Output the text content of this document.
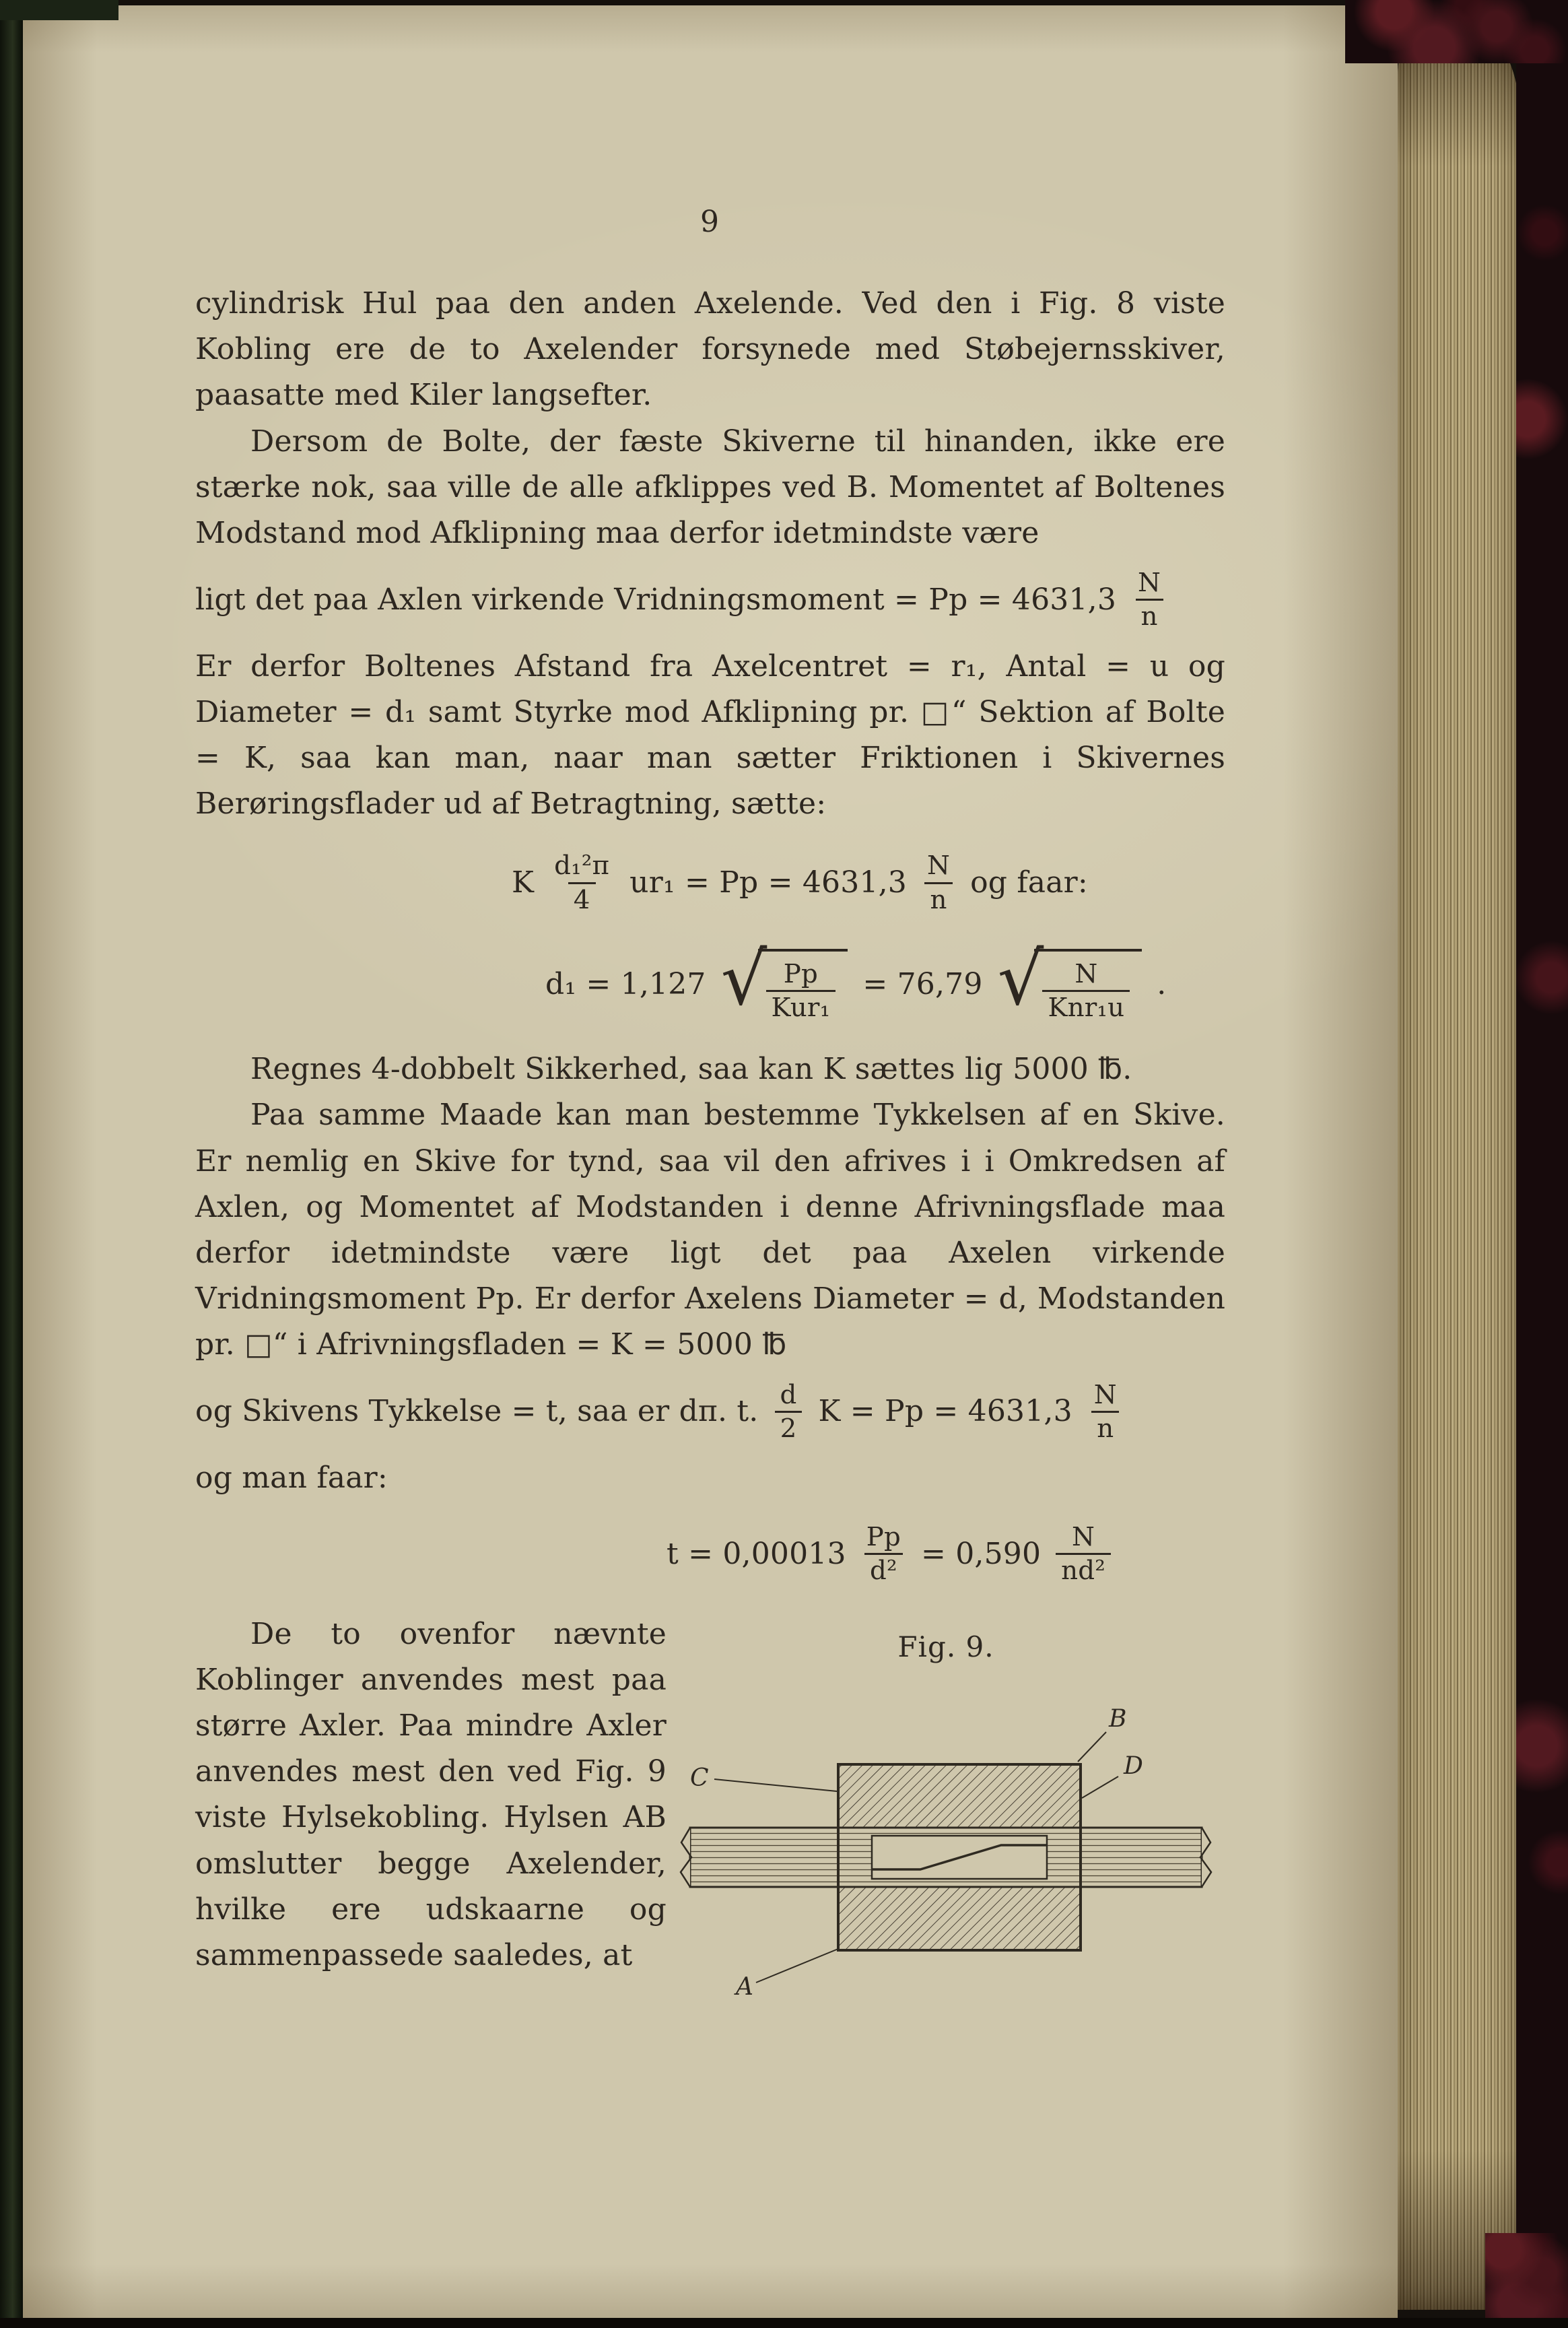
9

cylindrisk Hul paa den anden Axelende. Ved den i Fig. 8 viste Kobling ere de to Axelender forsynede med Støbejernsskiver, paasatte med Kiler langsefter.

Dersom de Bolte, der fæste Skiverne til hinanden, ikke ere stærke nok, saa ville de alle afklippes ved B. Momentet af Boltenes Modstand mod Afklipning maa derfor idetmindste være

ligt det paa Axlen virkende Vridningsmoment = $Pp = 4631,3 \frac{N}{n}$

Er derfor Boltenes Afstand fra Axelcentret = r₁, Antal = u og Diameter = d₁ samt Styrke mod Afklipning pr. □“ Sektion af Bolte = K, saa kan man, naar man sætter Friktionen i Skivernes Berøringsflader ud af Betragtning, sætte:

K $\frac{\text{d₁²π}}{4} ur_1 = Pp = 4631,3 \frac{N}{n}$ og faar:
d₁ = 1,127 √
$\frac{Pp}{\text{Kur₁}} = 76,79$ √
$\frac{N}{\text{Knr₁u}}$ .

Regnes 4-dobbelt Sikkerhed, saa kan K sættes lig 5000 ℔.

Paa samme Maade kan man bestemme Tykkelsen af en Skive. Er nemlig en Skive for tynd, saa vil den afrives i i Omkredsen af Axlen, og Momentet af Modstanden i denne Afrivningsflade maa derfor idetmindste være ligt det paa Axelen virkende Vridningsmoment Pp. Er derfor Axelens Diameter = d, Modstanden pr. □“ i Afrivningsfladen = K = 5000 ℔

og Skivens Tykkelse = t, saa er dπ. t. $\frac{d}{2}$ $K = Pp = 4631,3 \frac{N}{n}$

og man faar:

$t = 0,00013 \frac{Pp}{\text{d²}} = 0,590 \frac{N}{\text{nd²}}$

De to ovenfor nævnte Koblinger anvendes mest paa større Axler. Paa mindre Axler anvendes mest den ved Fig. 9 viste Hylsekobling. Hylsen AB omslutter begge Axelender, hvilke ere udskaarne og sammenpassede saaledes, at

Fig. 9.
C
B
D
A
